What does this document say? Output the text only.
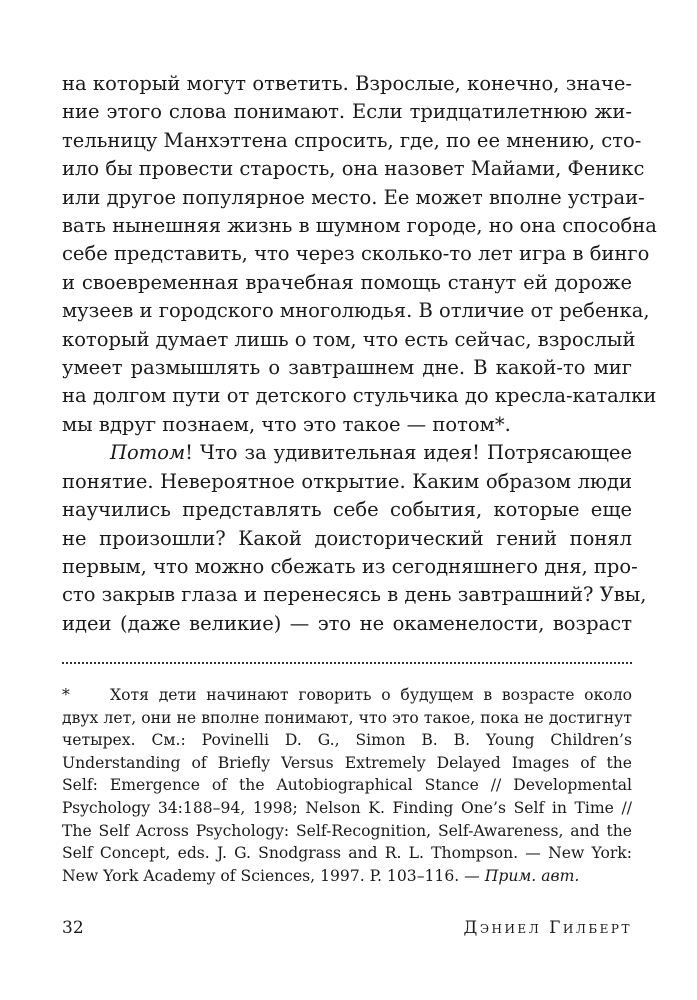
на который могут ответить. Взрослые, конечно, значе-
ние этого слова понимают. Если тридцатилетнюю жи-
тельницу Манхэттена спросить, где, по ее мнению, сто-
ило бы провести старость, она назовет Майами, Феникс
или другое популярное место. Ее может вполне устраи-
вать нынешняя жизнь в шумном городе, но она способна
себе представить, что через сколько-то лет игра в бинго
и своевременная врачебная помощь станут ей дороже
музеев и городского многолюдья. В отличие от ребенка,
который думает лишь о том, что есть сейчас, взрослый
умеет размышлять о завтрашнем дне. В какой-то миг
на долгом пути от детского стульчика до кресла-каталки
мы вдруг познаем, что это такое — потом*.
Потом! Что за удивительная идея! Потрясающее
понятие. Невероятное открытие. Каким образом люди
научились представлять себе события, которые еще
не произошли? Какой доисторический гений понял
первым, что можно сбежать из сегодняшнего дня, про-
сто закрыв глаза и перенесясь в день завтрашний? Увы,
идеи (даже великие) — это не окаменелости, возраст
*	Хотя дети начинают говорить о будущем в возрасте около
двух лет, они не вполне понимают, что это такое, пока не достигнут
четырех. См.: Povinelli D. G., Simon B. B. Young Children’s
Understanding of Briefly Versus Extremely Delayed Images of the
Self: Emergence of the Autobiographical Stance // Developmental
Psychology 34:188–94, 1998; Nelson K. Finding One’s Self in Time //
The Self Across Psychology: Self-Recognition, Self-Awareness, and the
Self Concept, eds. J. G. Snodgrass and R. L. Thompson. — New York:
New York Academy of Sciences, 1997. P. 103–116. — Прим. авт.
32	Дэниел Гилберт
